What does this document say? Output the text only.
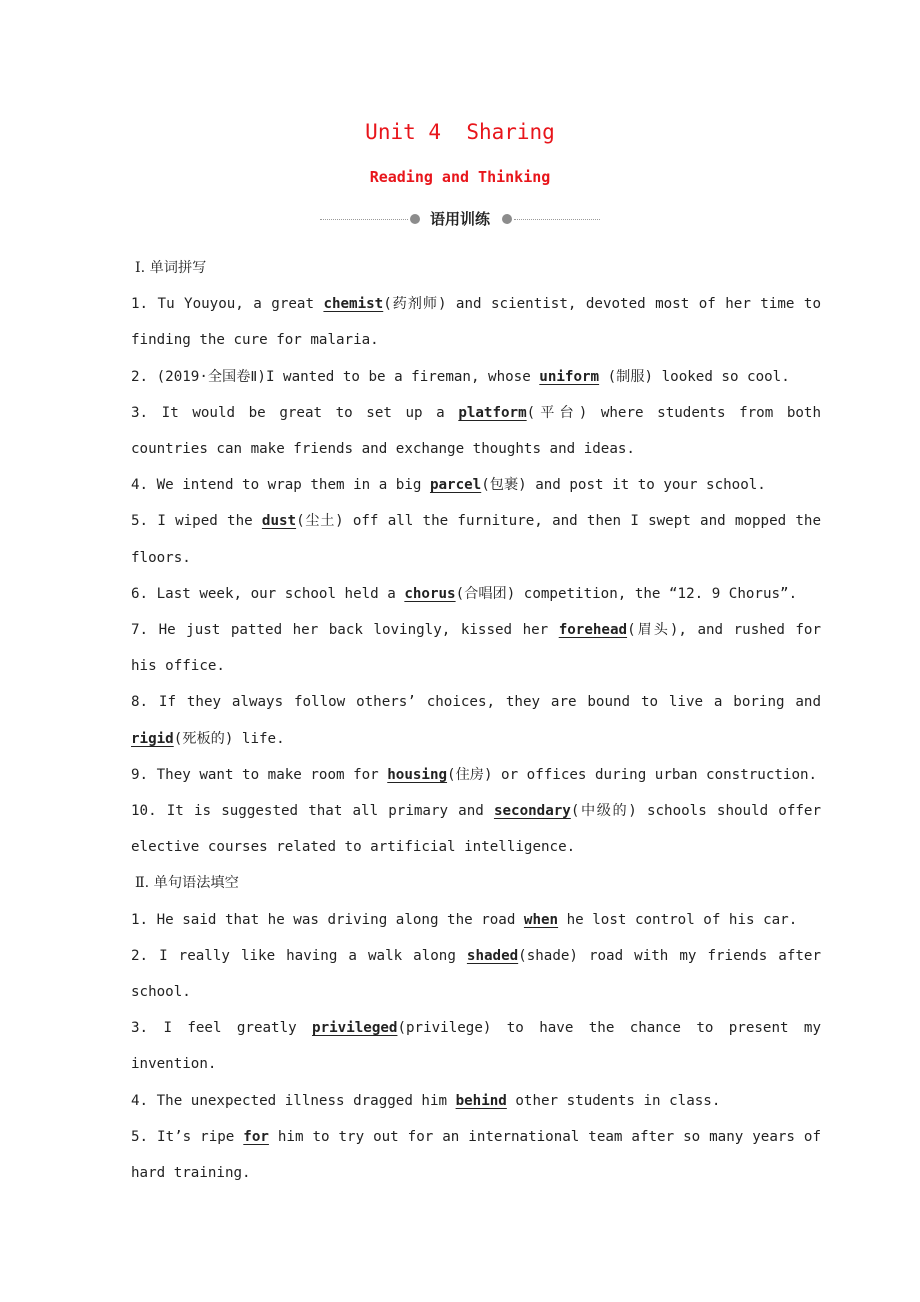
Unit 4  Sharing
Reading and Thinking
语用训练

Ⅰ. 单词拼写

1. Tu Youyou, a great chemist(药剂师) and scientist, devoted most of her time to finding the cure for malaria.

2. (2019·全国卷Ⅱ)I wanted to be a fireman, whose uniform (制服) looked so cool.

3. It would be great to set up a platform(平台) where students from both countries can make friends and exchange thoughts and ideas.

4. We intend to wrap them in a big parcel(包裹) and post it to your school.

5. I wiped the dust(尘土) off all the furniture, and then I swept and mopped the floors.

6. Last week, our school held a chorus(合唱团) competition, the “12. 9 Chorus”.

7. He just patted her back lovingly, kissed her forehead(眉头), and rushed for his office.

8. If they always follow others’ choices, they are bound to live a boring and rigid(死板的) life.

9. They want to make room for housing(住房) or offices during urban construction.

10. It is suggested that all primary and secondary(中级的) schools should offer elective courses related to artificial intelligence.

Ⅱ. 单句语法填空

1. He said that he was driving along the road when he lost control of his car.

2. I really like having a walk along shaded(shade) road with my friends after school.

3. I feel greatly privileged(privilege) to have the chance to present my invention.

4. The unexpected illness dragged him behind other students in class.

5. It’s ripe for him to try out for an international team after so many years of hard training.
